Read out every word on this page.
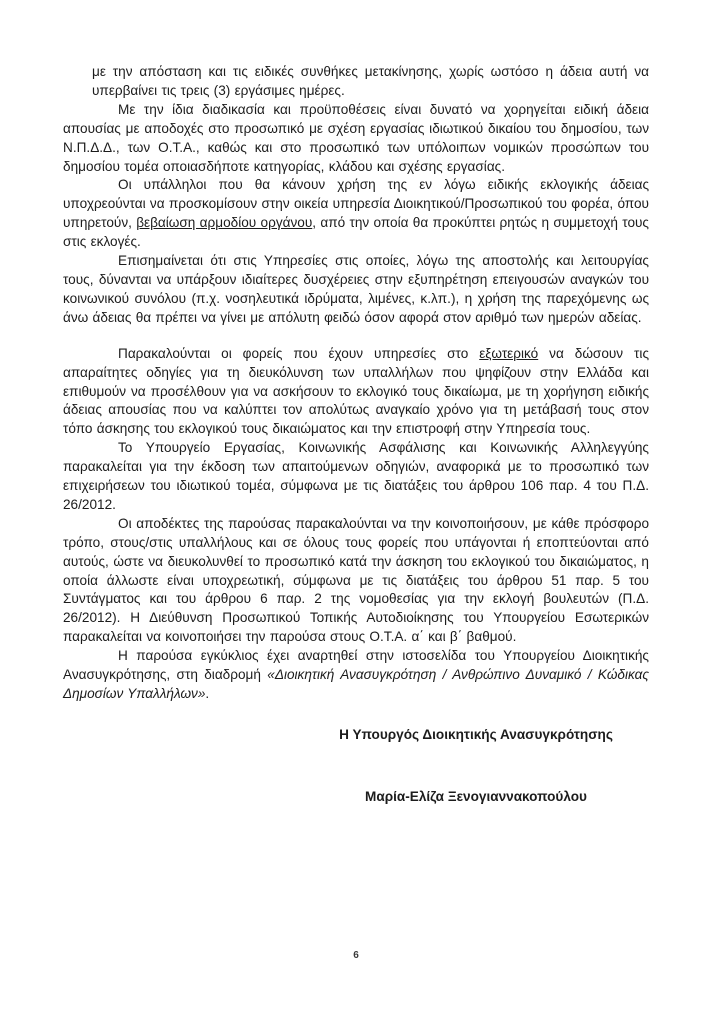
με την απόσταση και τις ειδικές συνθήκες μετακίνησης, χωρίς ωστόσο η άδεια αυτή να υπερβαίνει τις τρεις (3) εργάσιμες ημέρες.

Με την ίδια διαδικασία και προϋποθέσεις είναι δυνατό να χορηγείται ειδική άδεια απουσίας με αποδοχές στο προσωπικό με σχέση εργασίας ιδιωτικού δικαίου του δημοσίου, των Ν.Π.Δ.Δ., των Ο.Τ.Α., καθώς και στο προσωπικό των υπόλοιπων νομικών προσώπων του δημοσίου τομέα οποιασδήποτε κατηγορίας, κλάδου και σχέσης εργασίας.

Οι υπάλληλοι που θα κάνουν χρήση της εν λόγω ειδικής εκλογικής άδειας υποχρεούνται να προσκομίσουν στην οικεία υπηρεσία Διοικητικού/Προσωπικού του φορέα, όπου υπηρετούν, βεβαίωση αρμοδίου οργάνου, από την οποία θα προκύπτει ρητώς η συμμετοχή τους στις εκλογές.

Επισημαίνεται ότι στις Υπηρεσίες στις οποίες, λόγω της αποστολής και λειτουργίας τους, δύνανται να υπάρξουν ιδιαίτερες δυσχέρειες στην εξυπηρέτηση επειγουσών αναγκών του κοινωνικού συνόλου (π.χ. νοσηλευτικά ιδρύματα, λιμένες, κ.λπ.), η χρήση της παρεχόμενης ως άνω άδειας θα πρέπει να γίνει με απόλυτη φειδώ όσον αφορά στον αριθμό των ημερών αδείας.

Παρακαλούνται οι φορείς που έχουν υπηρεσίες στο εξωτερικό να δώσουν τις απαραίτητες οδηγίες για τη διευκόλυνση των υπαλλήλων που ψηφίζουν στην Ελλάδα και επιθυμούν να προσέλθουν για να ασκήσουν το εκλογικό τους δικαίωμα, με τη χορήγηση ειδικής άδειας απουσίας που να καλύπτει τον απολύτως αναγκαίο χρόνο για τη μετάβασή τους στον τόπο άσκησης του εκλογικού τους δικαιώματος και την επιστροφή στην Υπηρεσία τους.

Το Υπουργείο Εργασίας, Κοινωνικής Ασφάλισης και Κοινωνικής Αλληλεγγύης παρακαλείται για την έκδοση των απαιτούμενων οδηγιών, αναφορικά με το προσωπικό των επιχειρήσεων του ιδιωτικού τομέα, σύμφωνα με τις διατάξεις του άρθρου 106 παρ. 4 του Π.Δ. 26/2012.

Οι αποδέκτες της παρούσας παρακαλούνται να την κοινοποιήσουν, με κάθε πρόσφορο τρόπο, στους/στις υπαλλήλους και σε όλους τους φορείς που υπάγονται ή εποπτεύονται από αυτούς, ώστε να διευκολυνθεί το προσωπικό κατά την άσκηση του εκλογικού του δικαιώματος, η οποία άλλωστε είναι υποχρεωτική, σύμφωνα με τις διατάξεις του άρθρου 51 παρ. 5 του Συντάγματος και του άρθρου 6 παρ. 2 της νομοθεσίας για την εκλογή βουλευτών (Π.Δ. 26/2012). Η Διεύθυνση Προσωπικού Τοπικής Αυτοδιοίκησης του Υπουργείου Εσωτερικών παρακαλείται να κοινοποιήσει την παρούσα στους Ο.Τ.Α. α΄ και β΄ βαθμού.

Η παρούσα εγκύκλιος έχει αναρτηθεί στην ιστοσελίδα του Υπουργείου Διοικητικής Ανασυγκρότησης, στη διαδρομή «Διοικητική Ανασυγκρότηση / Ανθρώπινο Δυναμικό / Κώδικας Δημοσίων Υπαλλήλων».

Η Υπουργός Διοικητικής Ανασυγκρότησης
Μαρία-Ελίζα Ξενογιαννακοπούλου
6
